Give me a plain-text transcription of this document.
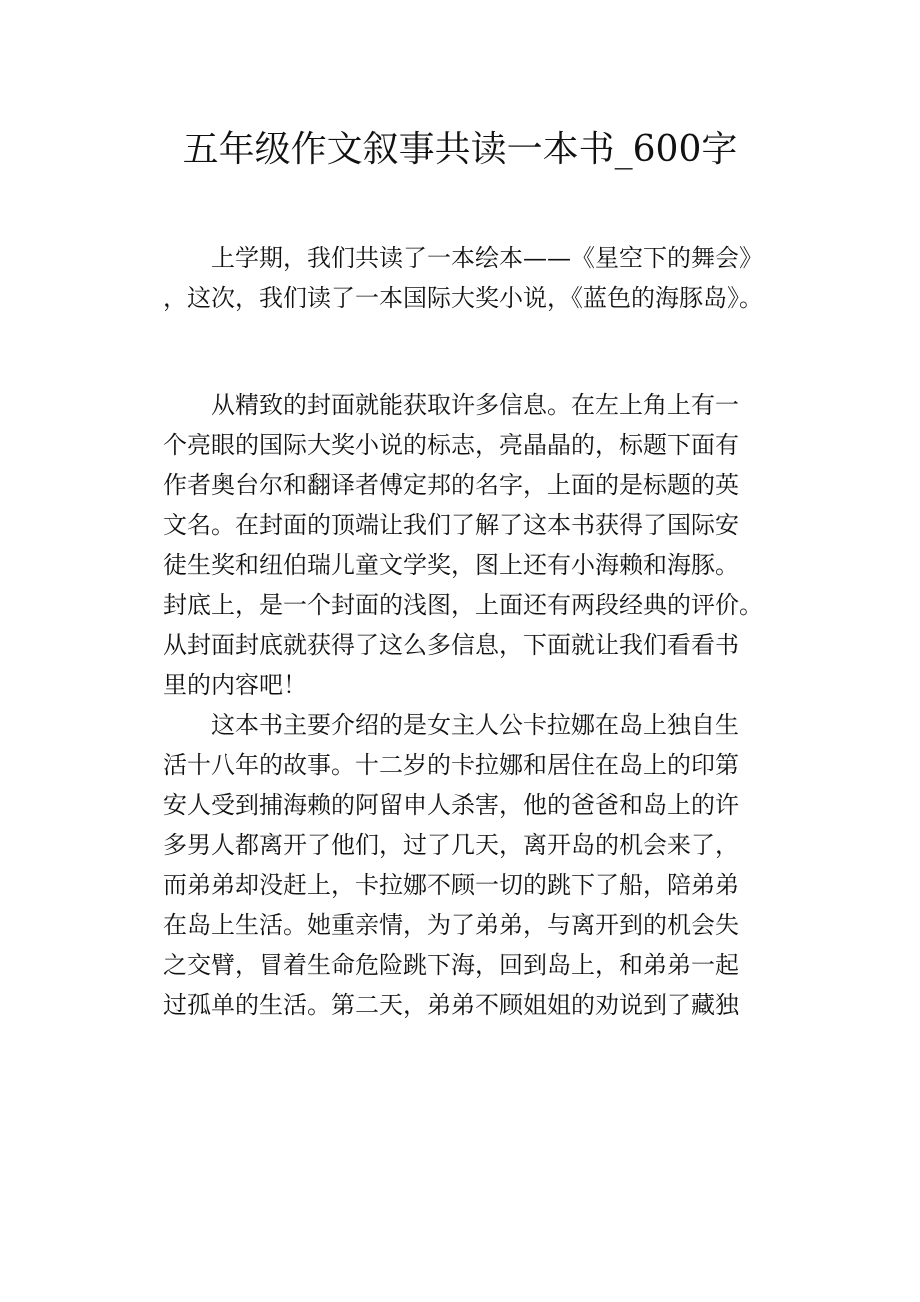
五年级作文叙事共读一本书_600字
上学期，我们共读了一本绘本——《星空下的舞会》
，这次，我们读了一本国际大奖小说，《蓝色的海豚岛》。
从精致的封面就能获取许多信息。在左上角上有一
个亮眼的国际大奖小说的标志，亮晶晶的，标题下面有
作者奥台尔和翻译者傅定邦的名字，上面的是标题的英
文名。在封面的顶端让我们了解了这本书获得了国际安
徒生奖和纽伯瑞儿童文学奖，图上还有小海赖和海豚。
封底上，是一个封面的浅图，上面还有两段经典的评价。
从封面封底就获得了这么多信息，下面就让我们看看书
里的内容吧！
这本书主要介绍的是女主人公卡拉娜在岛上独自生
活十八年的故事。十二岁的卡拉娜和居住在岛上的印第
安人受到捕海赖的阿留申人杀害，他的爸爸和岛上的许
多男人都离开了他们，过了几天，离开岛的机会来了，
而弟弟却没赶上，卡拉娜不顾一切的跳下了船，陪弟弟
在岛上生活。她重亲情，为了弟弟，与离开到的机会失
之交臂，冒着生命危险跳下海，回到岛上，和弟弟一起
过孤单的生活。第二天，弟弟不顾姐姐的劝说到了藏独
